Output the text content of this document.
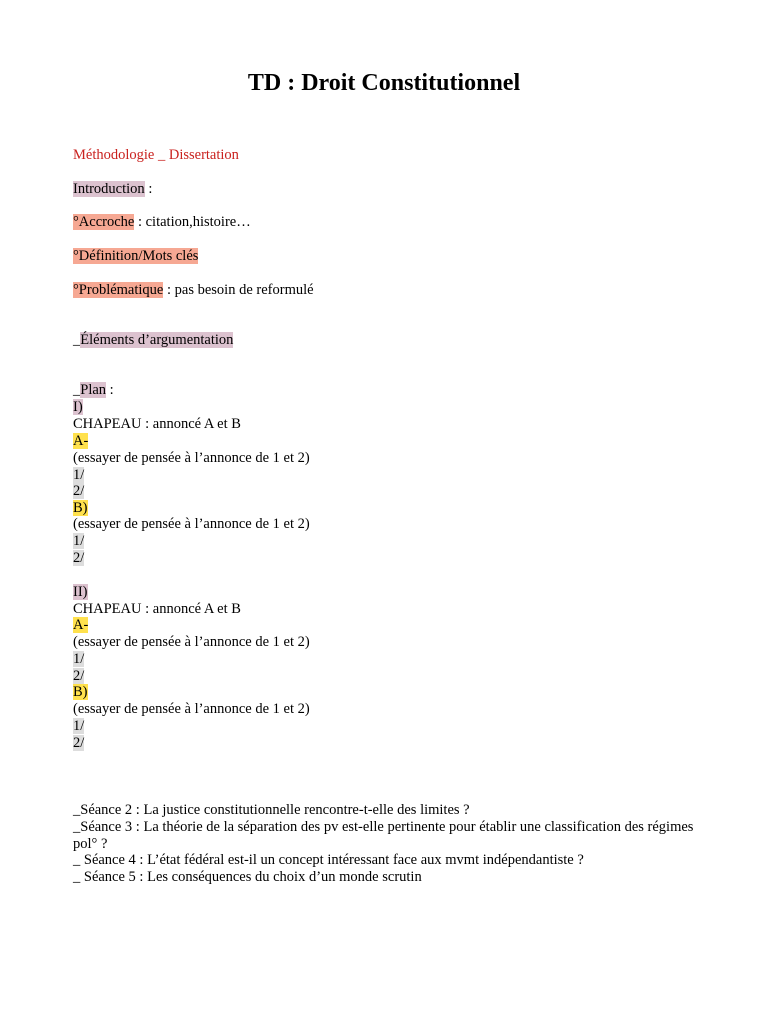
TD : Droit Constitutionnel
Méthodologie _ Dissertation
Introduction :
°Accroche : citation,histoire…
°Définition/Mots clés
°Problématique : pas besoin de reformulé
_Éléments d’argumentation
_Plan :
I)
CHAPEAU : annoncé A et B
A-
(essayer de pensée à l’annonce de 1 et 2)
1/
2/
B)
(essayer de pensée à l’annonce de 1 et 2)
1/
2/
II)
CHAPEAU : annoncé A et B
A-
(essayer de pensée à l’annonce de 1 et 2)
1/
2/
B)
(essayer de pensée à l’annonce de 1 et 2)
1/
2/
_Séance 2 : La justice constitutionnelle rencontre-t-elle des limites ?
_Séance 3 : La théorie de la séparation des pv est-elle pertinente pour établir une classification des régimes pol° ?
_ Séance 4 : L’état fédéral est-il un concept intéressant face aux mvmt indépendantiste ?
_ Séance 5 : Les conséquences du choix d’un monde scrutin
